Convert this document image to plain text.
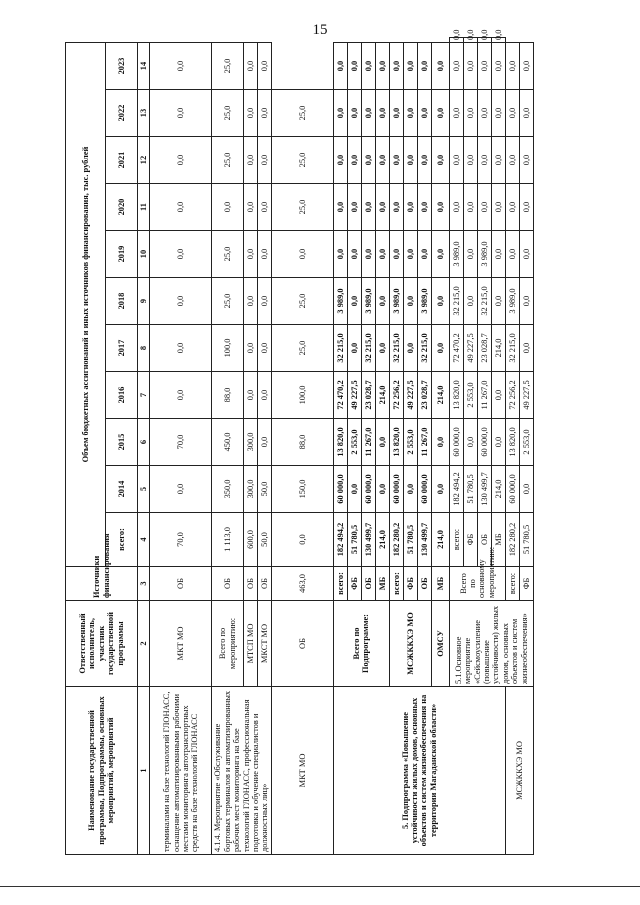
15
Наименование государственной программы, Подпрограммы, основных мероприятий, мероприятий	Ответственный исполнитель, участник государственной программы	Источники финансирования	Объем бюджетных ассигнований и иных источников финансирования, тыс. рублей											
			всего:	2014	2015	2016	2017	2018	2019	2020	2021	2022	2023	
1	2	3	4	5	6	7	8	9	10	11	12	13	14	
терминалами на базе технологий ГЛОНАСС, оснащение автоматизированными рабочими местами мониторинга автотранспортных средств на базе технологий ГЛОНАСС	МКТ МО	ОБ	70,0	0,0	70,0	0,0	0,0	0,0	0,0	0,0	0,0	0,0	0,0	
4.1.4. Мероприятие «Обслуживание бортовых терминалов и автоматизированных рабочих мест мониторинга на базе технологий ГЛОНАСС, профессиональная подготовка и обучение специалистов и должностных лиц»	Всего по мероприятию:	ОБ	1 113,0	350,0	450,0	88,0	100,0	25,0	25,0	0,0	25,0	25,0	25,0	
	МТСП МО	ОБ	600,0	300,0	300,0	0,0	0,0	0,0	0,0	0,0	0,0	0,0	0,0	
	МКСТ МО	ОБ	50,0	50,0	0,0	0,0	0,0	0,0	0,0	0,0	0,0	0,0	0,0	
МКТ МО	ОБ	463,0	0,0	150,0	88,0	100,0	25,0	25,0	0,0	25,0	25,0	25,0		
5. Подпрограмма «Повышение устойчивости жилых домов, основных объектов и систем жизнеобеспечения на территории Магаданской области»	Всего по Подпрограмме:	всего:	182 494,2	60 000,0	13 820,0	72 470,2	32 215,0	3 989,0	0,0	0,0	0,0	0,0	0,0	
		ФБ	51 780,5	0,0	2 553,0	49 227,5	0,0	0,0	0,0	0,0	0,0	0,0	0,0	
		ОБ	130 499,7	60 000,0	11 267,0	23 028,7	32 215,0	3 989,0	0,0	0,0	0,0	0,0	0,0	
		МБ	214,0	0,0	0,0	214,0	0,0	0,0	0,0	0,0	0,0	0,0	0,0	
	МСЖККХЭ МО	всего:	182 280,2	60 000,0	13 820,0	72 256,2	32 215,0	3 989,0	0,0	0,0	0,0	0,0	0,0	
		ФБ	51 780,5	0,0	2 553,0	49 227,5	0,0	0,0	0,0	0,0	0,0	0,0	0,0	
		ОБ	130 499,7	60 000,0	11 267,0	23 028,7	32 215,0	3 989,0	0,0	0,0	0,0	0,0	0,0	
	ОМСУ	МБ	214,0	0,0	0,0	214,0	0,0	0,0	0,0	0,0	0,0	0,0	0,0	
	5.1.Основное мероприятие «Сейсмоусиление (повышение устойчивости) жилых домов, основных объектов и систем жизнеобеспечения»	Всего по основному мероприятию:	всего:	182 494,2	60 000,0	13 820,0	72 470,2	32 215,0	3 989,0	0,0	0,0	0,0	0,0	0,0
			ФБ	51 780,5	0,0	2 553,0	49 227,5	0,0	0,0	0,0	0,0	0,0	0,0	0,0
			ОБ	130 499,7	60 000,0	11 267,0	23 028,7	32 215,0	3 989,0	0,0	0,0	0,0	0,0	0,0
			МБ	214,0	0,0	0,0	214,0	0,0	0,0	0,0	0,0	0,0	0,0	0,0
МСЖККХЭ МО		всего:	182 280,2	60 000,0	13 820,0	72 256,2	32 215,0	3 989,0	0,0	0,0	0,0	0,0	0,0	
		ФБ	51 780,5	0,0	2 553,0	49 227,5	0,0	0,0	0,0	0,0	0,0	0,0	0,0	
